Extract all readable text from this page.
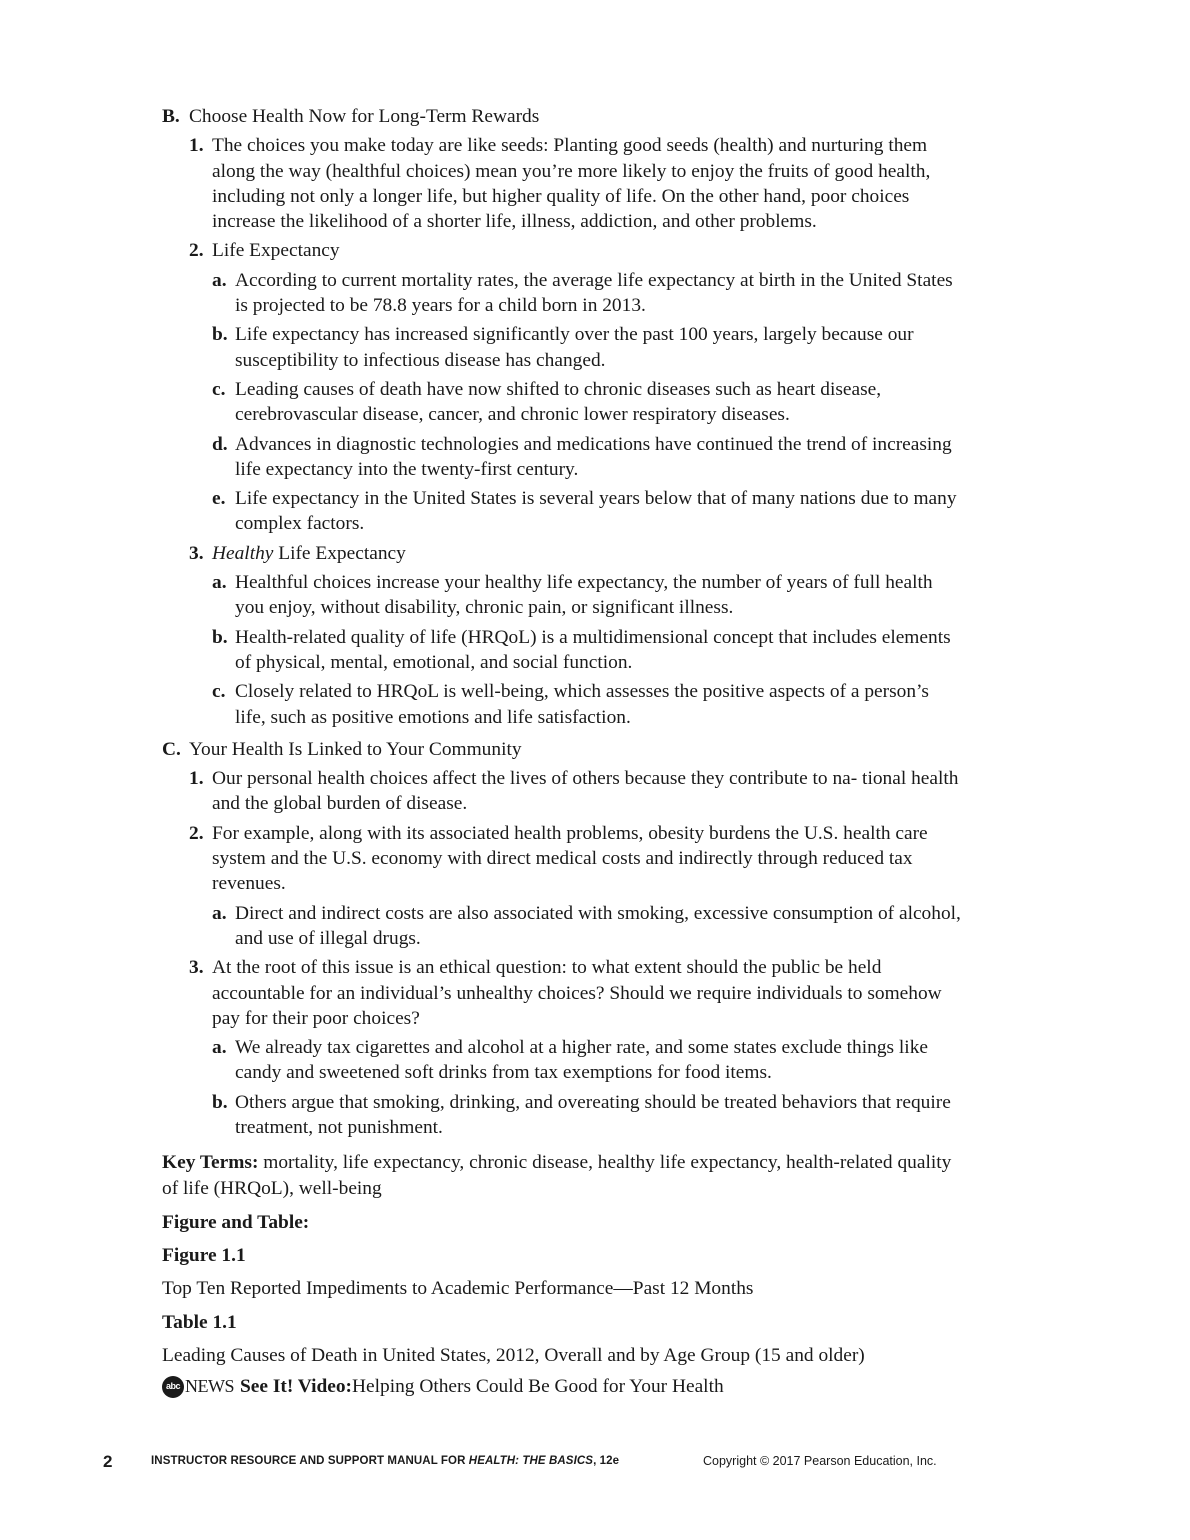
B. Choose Health Now for Long-Term Rewards
1. The choices you make today are like seeds: Planting good seeds (health) and nurturing them along the way (healthful choices) mean you’re more likely to enjoy the fruits of good health, including not only a longer life, but higher quality of life. On the other hand, poor choices increase the likelihood of a shorter life, illness, addiction, and other problems.
2. Life Expectancy
a. According to current mortality rates, the average life expectancy at birth in the United States is projected to be 78.8 years for a child born in 2013.
b. Life expectancy has increased significantly over the past 100 years, largely because our susceptibility to infectious disease has changed.
c. Leading causes of death have now shifted to chronic diseases such as heart disease, cerebrovascular disease, cancer, and chronic lower respiratory diseases.
d. Advances in diagnostic technologies and medications have continued the trend of increasing life expectancy into the twenty-first century.
e. Life expectancy in the United States is several years below that of many nations due to many complex factors.
3. Healthy Life Expectancy
a. Healthful choices increase your healthy life expectancy, the number of years of full health you enjoy, without disability, chronic pain, or significant illness.
b. Health-related quality of life (HRQoL) is a multidimensional concept that includes elements of physical, mental, emotional, and social function.
c. Closely related to HRQoL is well-being, which assesses the positive aspects of a person’s life, such as positive emotions and life satisfaction.
C. Your Health Is Linked to Your Community
1. Our personal health choices affect the lives of others because they contribute to na- tional health and the global burden of disease.
2. For example, along with its associated health problems, obesity burdens the U.S. health care system and the U.S. economy with direct medical costs and indirectly through reduced tax revenues.
a. Direct and indirect costs are also associated with smoking, excessive consumption of alcohol, and use of illegal drugs.
3. At the root of this issue is an ethical question: to what extent should the public be held accountable for an individual’s unhealthy choices? Should we require individuals to somehow pay for their poor choices?
a. We already tax cigarettes and alcohol at a higher rate, and some states exclude things like candy and sweetened soft drinks from tax exemptions for food items.
b. Others argue that smoking, drinking, and overeating should be treated behaviors that require treatment, not punishment.
Key Terms: mortality, life expectancy, chronic disease, healthy life expectancy, health-related quality of life (HRQoL), well-being
Figure and Table:
Figure 1.1
Top Ten Reported Impediments to Academic Performance—Past 12 Months
Table 1.1
Leading Causes of Death in United States, 2012, Overall and by Age Group (15 and older)
abc NEWS See It! Video: Helping Others Could Be Good for Your Health
2	INSTRUCTOR RESOURCE AND SUPPORT MANUAL FOR HEALTH: THE BASICS, 12e	Copyright © 2017 Pearson Education, Inc.
